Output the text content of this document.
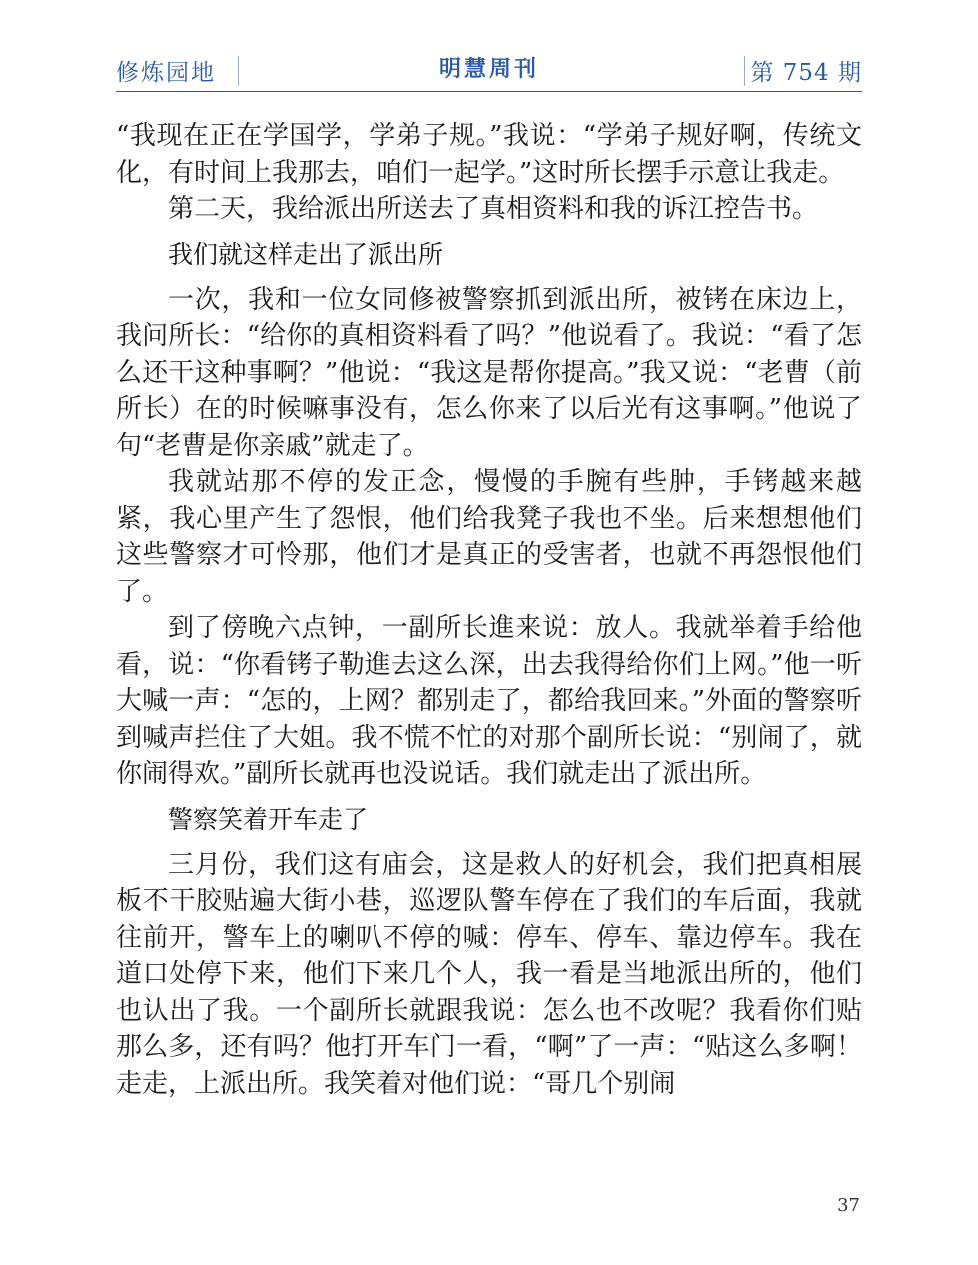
修炼园地	明慧周刊	第 754 期

“我现在正在学国学，学弟子规。”我说：“学弟子规好啊，传统文化，有时间上我那去，咱们一起学。”这时所长摆手示意让我走。

第二天，我给派出所送去了真相资料和我的诉江控告书。

我们就这样走出了派出所

一次，我和一位女同修被警察抓到派出所，被铐在床边上，我问所长：“给你的真相资料看了吗？”他说看了。我说：“看了怎么还干这种事啊？”他说：“我这是帮你提高。”我又说：“老曹（前所长）在的时候嘛事没有，怎么你来了以后光有这事啊。”他说了句“老曹是你亲戚”就走了。

我就站那不停的发正念，慢慢的手腕有些肿，手铐越来越紧，我心里产生了怨恨，他们给我凳子我也不坐。后来想想他们这些警察才可怜那，他们才是真正的受害者，也就不再怨恨他们了。

到了傍晚六点钟，一副所长進来说：放人。我就举着手给他看，说：“你看铐子勒進去这么深，出去我得给你们上网。”他一听大喊一声：“怎的，上网？都别走了，都给我回来。”外面的警察听到喊声拦住了大姐。我不慌不忙的对那个副所长说：“别闹了，就你闹得欢。”副所长就再也没说话。我们就走出了派出所。

警察笑着开车走了

三月份，我们这有庙会，这是救人的好机会，我们把真相展板不干胶贴遍大街小巷，巡逻队警车停在了我们的车后面，我就往前开，警车上的喇叭不停的喊：停车、停车、靠边停车。我在道口处停下来，他们下来几个人，我一看是当地派出所的，他们也认出了我。一个副所长就跟我说：怎么也不改呢？我看你们贴那么多，还有吗？他打开车门一看，“啊”了一声：“贴这么多啊！走走，上派出所。我笑着对他们说：“哥几个别闹

37
